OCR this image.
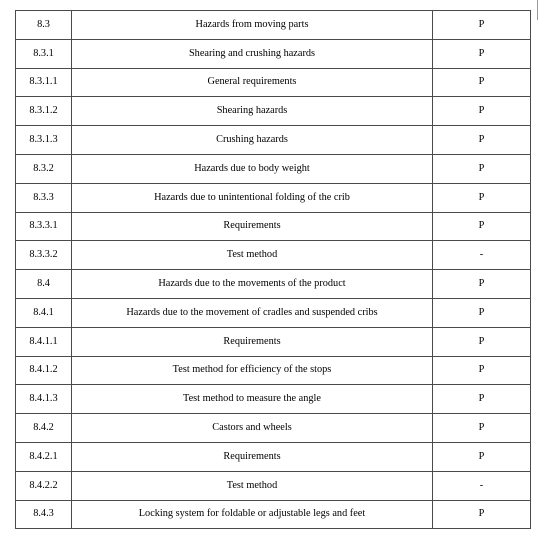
8.3	Hazards from moving parts	P
8.3.1	Shearing and crushing hazards	P
8.3.1.1	General requirements	P
8.3.1.2	Shearing hazards	P
8.3.1.3	Crushing hazards	P
8.3.2	Hazards due to body weight	P
8.3.3	Hazards due to unintentional folding of the crib	P
8.3.3.1	Requirements	P
8.3.3.2	Test method	-
8.4	Hazards due to the movements of the product	P
8.4.1	Hazards due to the movement of cradles and suspended cribs	P
8.4.1.1	Requirements	P
8.4.1.2	Test method for efficiency of the stops	P
8.4.1.3	Test method to measure the angle	P
8.4.2	Castors and wheels	P
8.4.2.1	Requirements	P
8.4.2.2	Test method	-
8.4.3	Locking system for foldable or adjustable legs and feet	P
